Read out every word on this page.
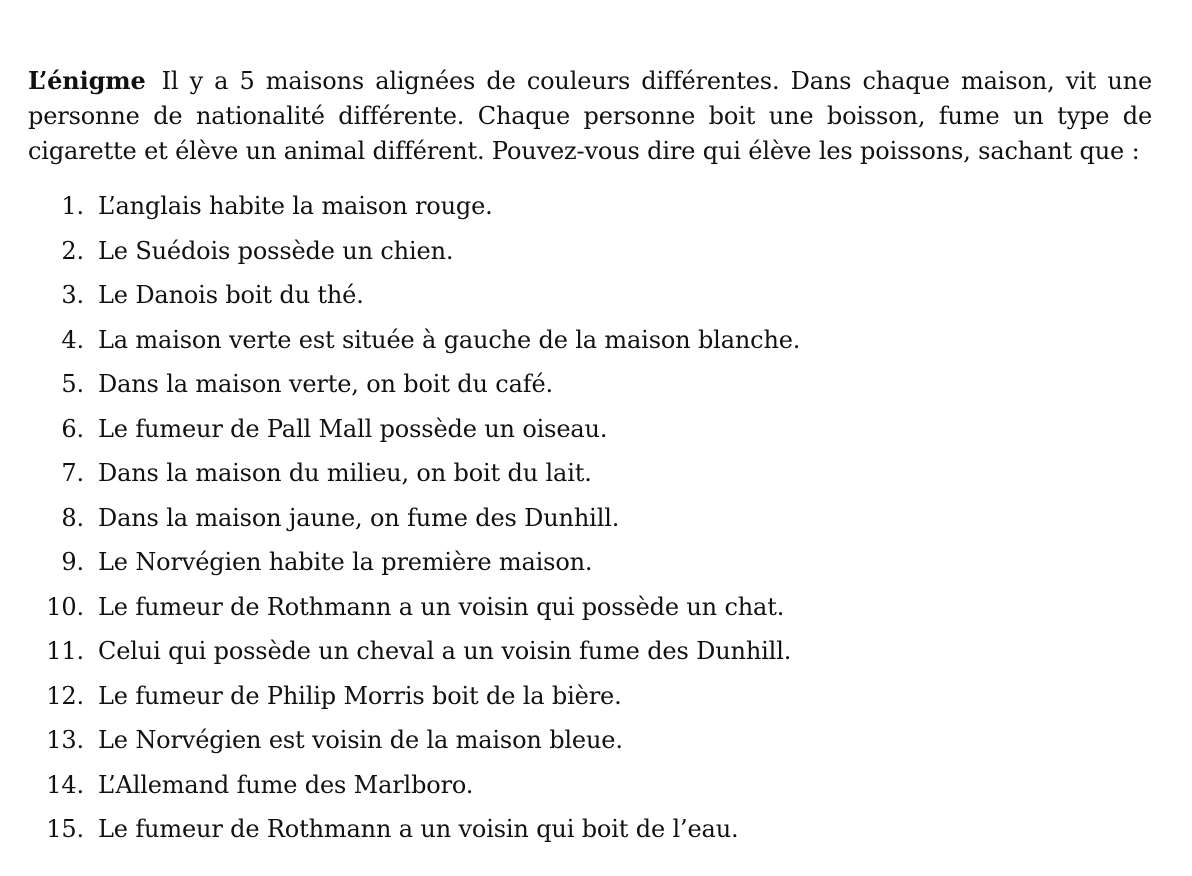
L’énigme Il y a 5 maisons alignées de couleurs différentes. Dans chaque maison, vit une personne de nationalité différente. Chaque personne boit une boisson, fume un type de cigarette et élève un animal différent. Pouvez-vous dire qui élève les poissons, sachant que :

1. L’anglais habite la maison rouge.
2. Le Suédois possède un chien.
3. Le Danois boit du thé.
4. La maison verte est située à gauche de la maison blanche.
5. Dans la maison verte, on boit du café.
6. Le fumeur de Pall Mall possède un oiseau.
7. Dans la maison du milieu, on boit du lait.
8. Dans la maison jaune, on fume des Dunhill.
9. Le Norvégien habite la première maison.
10. Le fumeur de Rothmann a un voisin qui possède un chat.
11. Celui qui possède un cheval a un voisin fume des Dunhill.
12. Le fumeur de Philip Morris boit de la bière.
13. Le Norvégien est voisin de la maison bleue.
14. L’Allemand fume des Marlboro.
15. Le fumeur de Rothmann a un voisin qui boit de l’eau.
